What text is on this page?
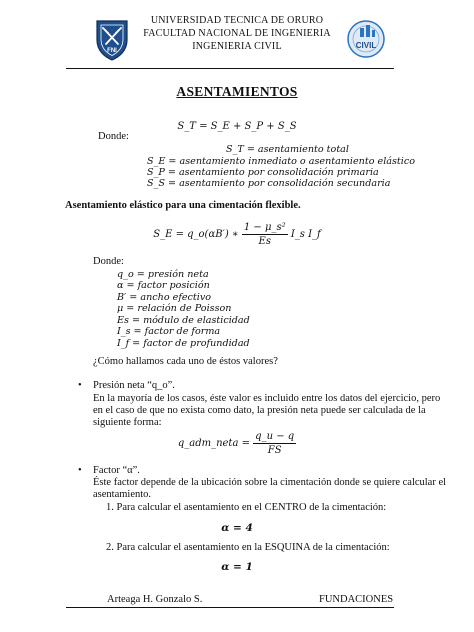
FNI
UNIVERSIDAD TECNICA DE ORURO
FACULTAD NACIONAL DE INGENIERIA
INGENIERIA CIVIL	CIVIL
ASENTAMIENTOS
S_T = S_E + S_P + S_S
Donde:
S_T = asentamiento total
S_E = asentamiento inmediato o asentamiento elástico
S_P = asentamiento por consolidación primaria
S_S = asentamiento por consolidación secundaria
Asentamiento elástico para una cimentación flexible.
S_E = q_o(αB′) ∗ $\frac{\text{1 − μ\_s²}}{Es}$ I_s I_f
Donde:
q_o = presión neta
α = factor posición
B′ = ancho efectivo
μ = relación de Poisson
Es = módulo de elasticidad
I_s = factor de forma
I_f = factor de profundidad
¿Cómo hallamos cada uno de éstos valores?
• Presión neta “q_o”.
En la mayoría de los casos, éste valor es incluido entre los datos del ejercicio, pero
en el caso de que no exista como dato, la presión neta puede ser calculada de la
siguiente forma:
q_adm_neta = $\frac{q\_u - q}{FS}$
• Factor “α”.
Éste factor depende de la ubicación sobre la cimentación donde se quiere calcular el
asentamiento.
1. Para calcular el asentamiento en el CENTRO de la cimentación:
α = 4
2. Para calcular el asentamiento en la ESQUINA de la cimentación:
α = 1
Arteaga H. Gonzalo S.	FUNDACIONES
